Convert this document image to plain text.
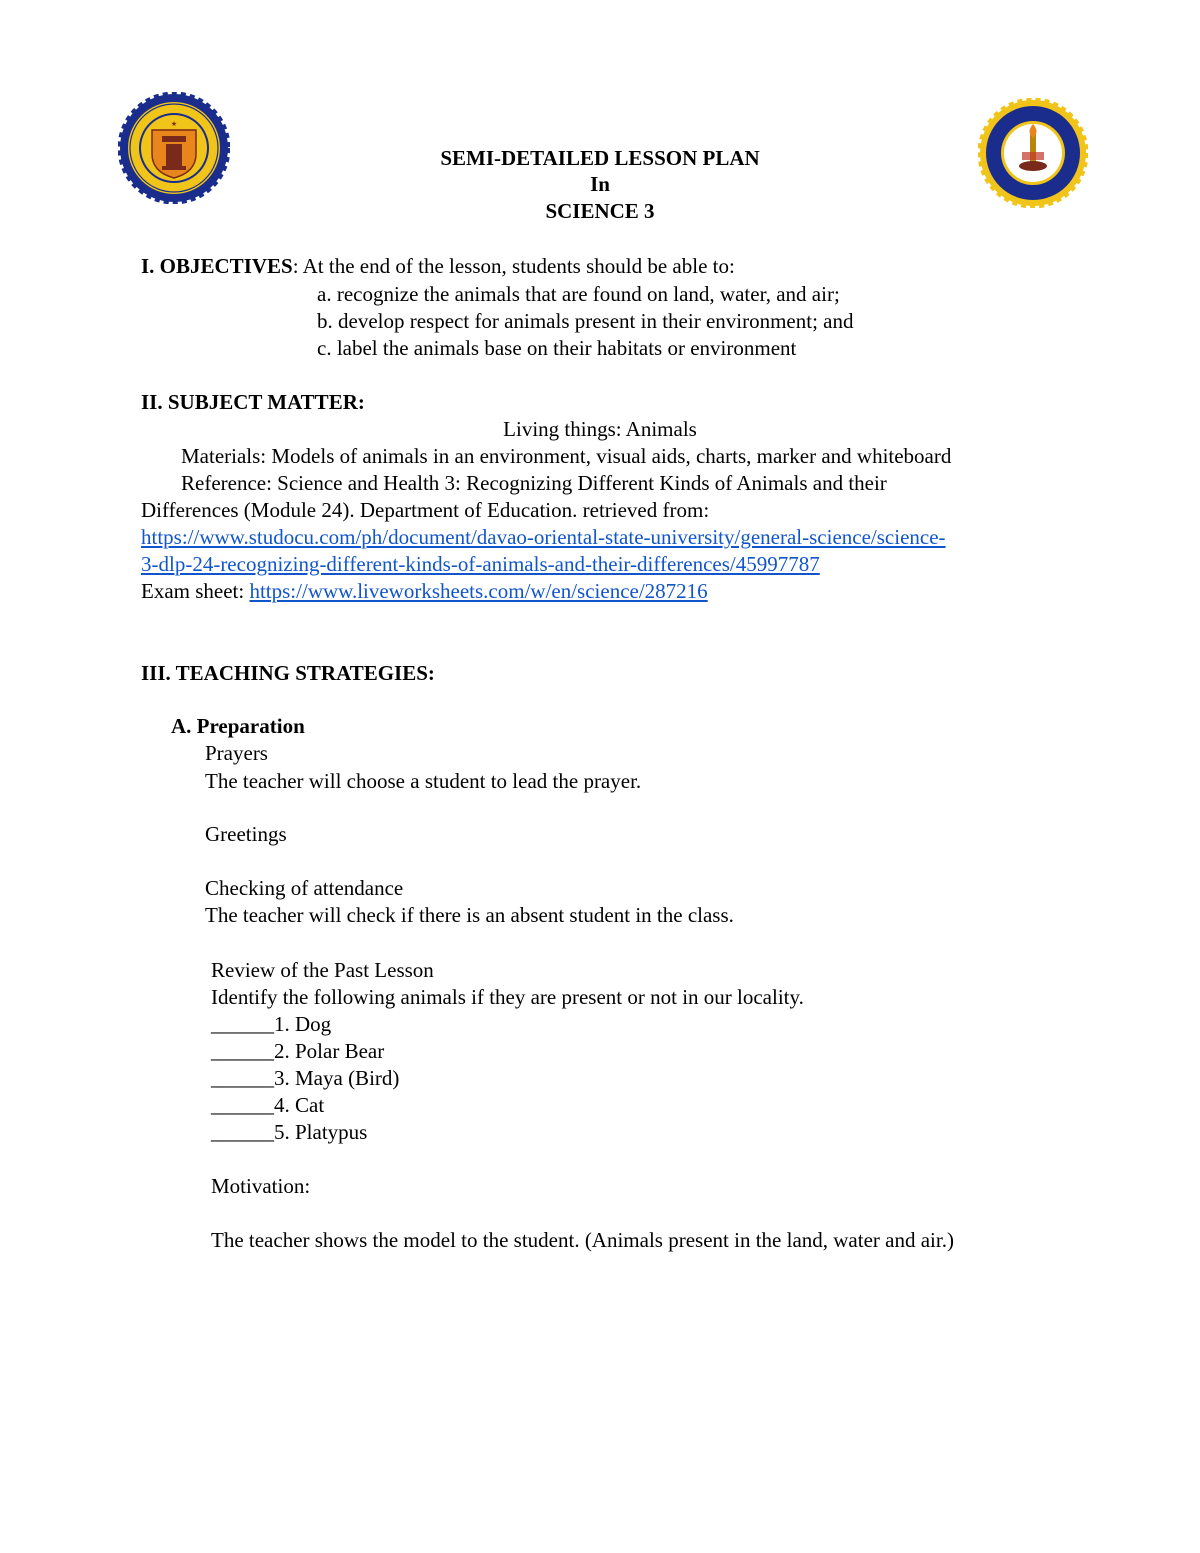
★
SEMI-DETAILED LESSON PLAN
In
SCIENCE 3
I. OBJECTIVES: At the end of the lesson, students should be able to:
a. recognize the animals that are found on land, water, and air;
b. develop respect for animals present in their environment; and
c. label the animals base on their habitats or environment
II. SUBJECT MATTER:
Living things: Animals
Materials: Models of animals in an environment, visual aids, charts, marker and whiteboard
Reference: Science and Health 3: Recognizing Different Kinds of Animals and their
Differences (Module 24). Department of Education. retrieved from:
https://www.studocu.com/ph/document/davao-oriental-state-university/general-science/science-
3-dlp-24-recognizing-different-kinds-of-animals-and-their-differences/45997787
Exam sheet: https://www.liveworksheets.com/w/en/science/287216
III. TEACHING STRATEGIES:
A. Preparation
Prayers
The teacher will choose a student to lead the prayer.
Greetings
Checking of attendance
The teacher will check if there is an absent student in the class.
Review of the Past Lesson
Identify the following animals if they are present or not in our locality.
______1. Dog
______2. Polar Bear
______3. Maya (Bird)
______4. Cat
______5. Platypus
Motivation:
The teacher shows the model to the student. (Animals present in the land, water and air.)
